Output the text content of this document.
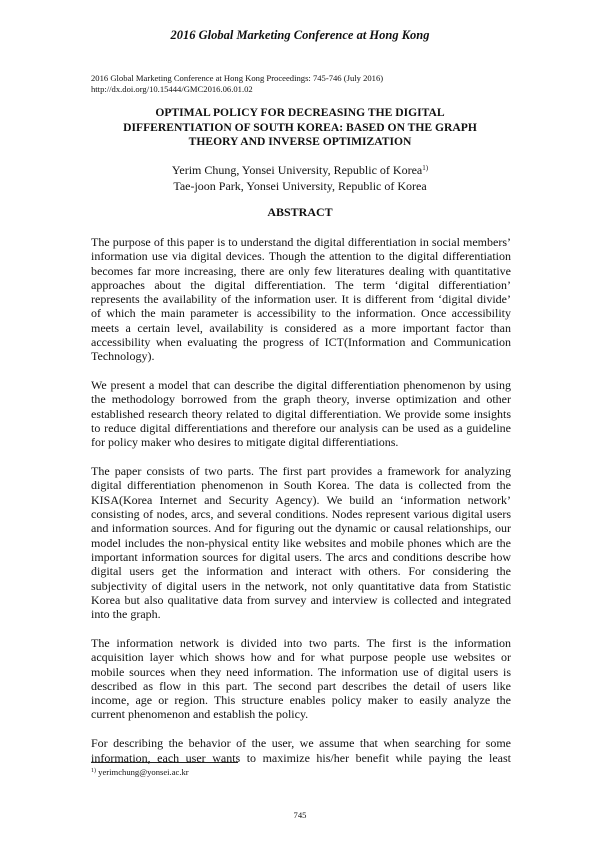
2016 Global Marketing Conference at Hong Kong
2016 Global Marketing Conference at Hong Kong Proceedings: 745-746 (July 2016)
http://dx.doi.org/10.15444/GMC2016.06.01.02
OPTIMAL POLICY FOR DECREASING THE DIGITAL
DIFFERENTIATION OF SOUTH KOREA: BASED ON THE GRAPH
THEORY AND INVERSE OPTIMIZATION
Yerim Chung, Yonsei University, Republic of Korea$^{1)}$
Tae-joon Park, Yonsei University, Republic of Korea
ABSTRACT
The purpose of this paper is to understand the digital differentiation in social members’
information use via digital devices. Though the attention to the digital differentiation
becomes far more increasing, there are only few literatures dealing with quantitative
approaches about the digital differentiation. The term ‘digital differentiation’
represents the availability of the information user. It is different from ‘digital divide’
of which the main parameter is accessibility to the information. Once accessibility
meets a certain level, availability is considered as a more important factor than
accessibility when evaluating the progress of ICT(Information and Communication
Technology).
We present a model that can describe the digital differentiation phenomenon by using
the methodology borrowed from the graph theory, inverse optimization and other
established research theory related to digital differentiation. We provide some insights
to reduce digital differentiations and therefore our analysis can be used as a guideline
for policy maker who desires to mitigate digital differentiations.
The paper consists of two parts. The first part provides a framework for analyzing
digital differentiation phenomenon in South Korea. The data is collected from the
KISA(Korea Internet and Security Agency). We build an ‘information network’
consisting of nodes, arcs, and several conditions. Nodes represent various digital users
and information sources. And for figuring out the dynamic or causal relationships, our
model includes the non-physical entity like websites and mobile phones which are the
important information sources for digital users. The arcs and conditions describe how
digital users get the information and interact with others. For considering the
subjectivity of digital users in the network, not only quantitative data from Statistic
Korea but also qualitative data from survey and interview is collected and integrated
into the graph.
The information network is divided into two parts. The first is the information
acquisition layer which shows how and for what purpose people use websites or
mobile sources when they need information. The information use of digital users is
described as flow in this part. The second part describes the detail of users like
income, age or region. This structure enables policy maker to easily analyze the
current phenomenon and establish the policy.
For describing the behavior of the user, we assume that when searching for some
information, each user wants to maximize his/her benefit while paying the least
$^{1)}$ yerimchung@yonsei.ac.kr
745
